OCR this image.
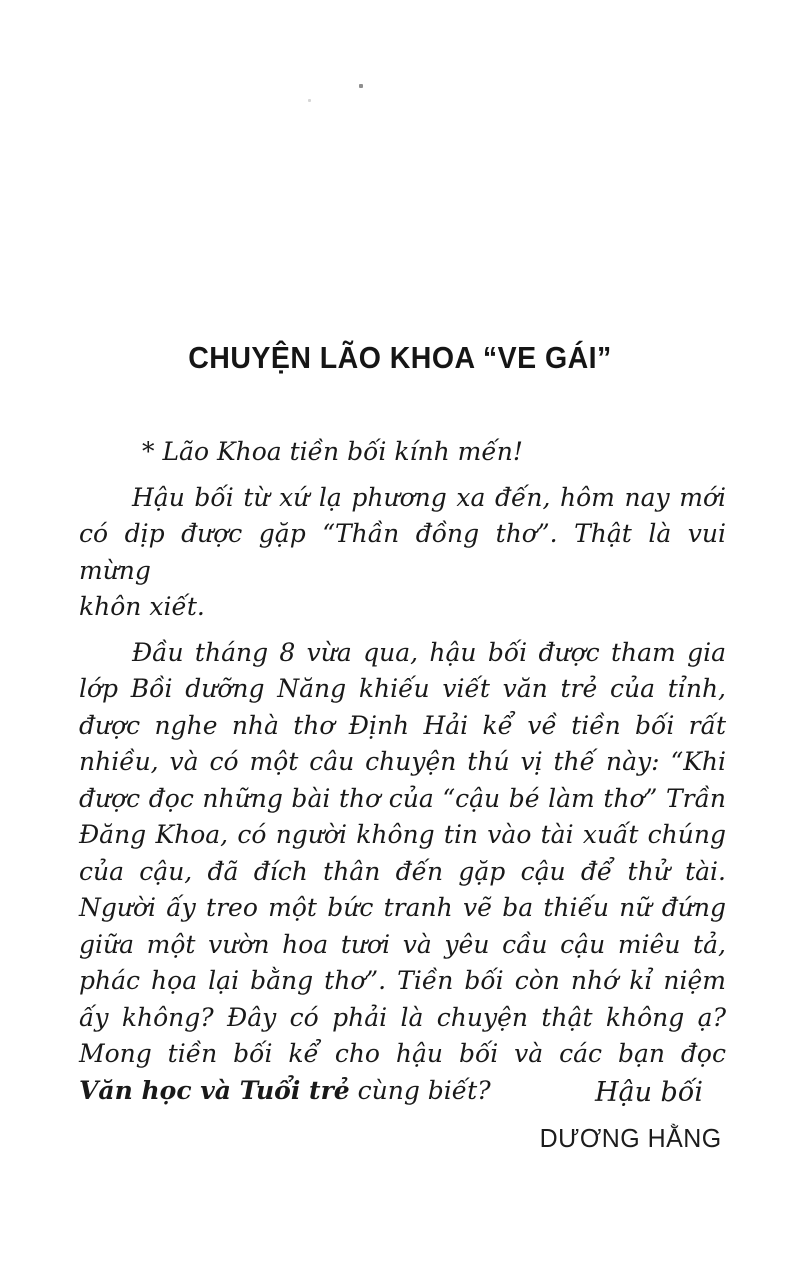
CHUYỆN LÃO KHOA “VE GÁI”
* Lão Khoa tiền bối kính mến!
Hậu bối từ xứ lạ phương xa đến, hôm nay mới
có dịp được gặp “Thần đồng thơ”. Thật là vui mừng
khôn xiết.
Đầu tháng 8 vừa qua, hậu bối được tham gia
lớp Bồi dưỡng Năng khiếu viết văn trẻ của tỉnh,
được nghe nhà thơ Định Hải kể về tiền bối rất
nhiều, và có một câu chuyện thú vị thế này: “Khi
được đọc những bài thơ của “cậu bé làm thơ” Trần
Đăng Khoa, có người không tin vào tài xuất chúng
của cậu, đã đích thân đến gặp cậu để thử tài.
Người ấy treo một bức tranh vẽ ba thiếu nữ đứng
giữa một vườn hoa tươi và yêu cầu cậu miêu tả,
phác họa lại bằng thơ”. Tiền bối còn nhớ kỉ niệm
ấy không? Đây có phải là chuyện thật không ạ?
Mong tiền bối kể cho hậu bối và các bạn đọc
Văn học và Tuổi trẻ cùng biết?	Hậu bối
DƯƠNG HẰNG
